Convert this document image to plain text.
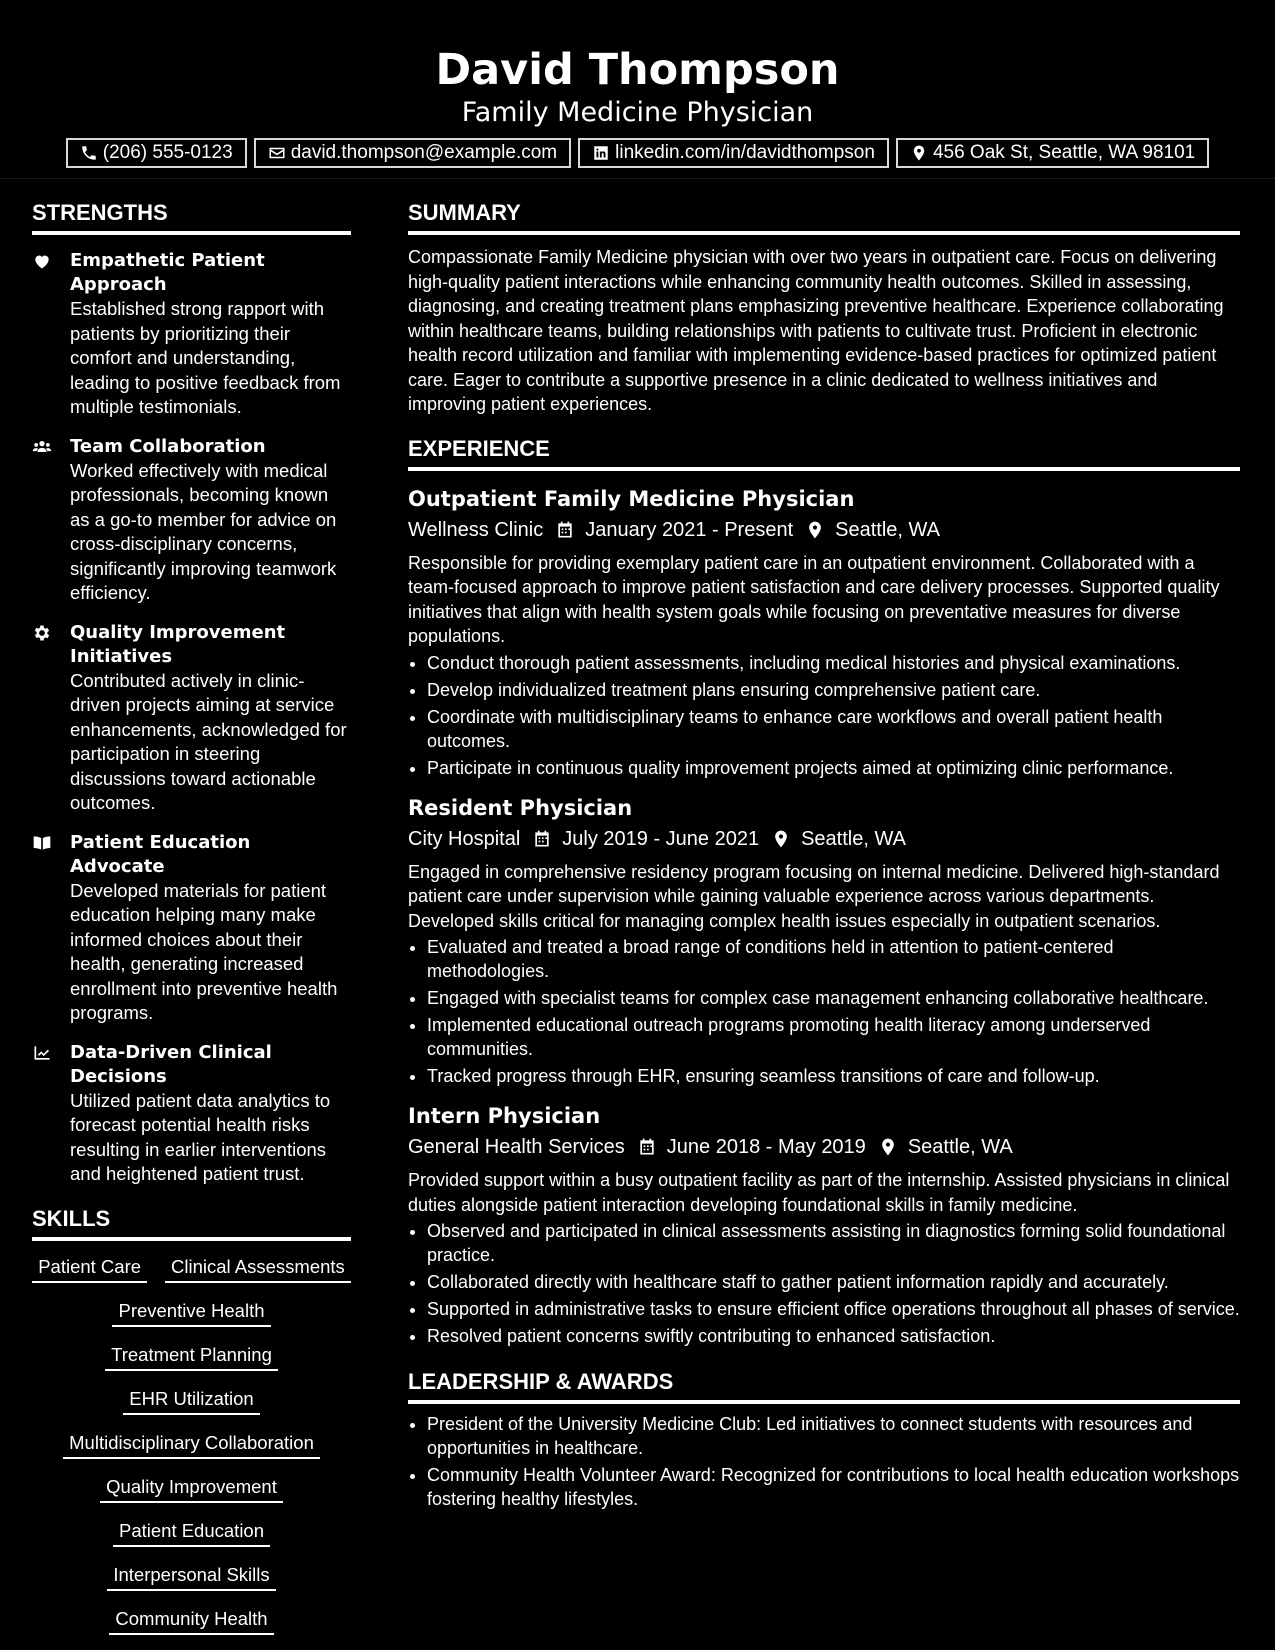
David Thompson
Family Medicine Physician
(206) 555-0123	david.thompson@example.com	linkedin.com/in/davidthompson	456 Oak St, Seattle, WA 98101
STRENGTHS
Empathetic Patient Approach
Established strong rapport with patients by prioritizing their comfort and understanding, leading to positive feedback from multiple testimonials.
Team Collaboration
Worked effectively with medical professionals, becoming known as a go-to member for advice on cross-disciplinary concerns, significantly improving teamwork efficiency.
Quality Improvement Initiatives
Contributed actively in clinic-driven projects aiming at service enhancements, acknowledged for participation in steering discussions toward actionable outcomes.
Patient Education Advocate
Developed materials for patient education helping many make informed choices about their health, generating increased enrollment into preventive health programs.
Data-Driven Clinical Decisions
Utilized patient data analytics to forecast potential health risks resulting in earlier interventions and heightened patient trust.
SKILLS
Patient Care	Clinical Assessments
Preventive Health
Treatment Planning
EHR Utilization
Multidisciplinary Collaboration
Quality Improvement
Patient Education
Interpersonal Skills
Community Health
SUMMARY

Compassionate Family Medicine physician with over two years in outpatient care. Focus on delivering high-quality patient interactions while enhancing community health outcomes. Skilled in assessing, diagnosing, and creating treatment plans emphasizing preventive healthcare. Experience collaborating within healthcare teams, building relationships with patients to cultivate trust. Proficient in electronic health record utilization and familiar with implementing evidence-based practices for optimized patient care. Eager to contribute a supportive presence in a clinic dedicated to wellness initiatives and improving patient experiences.

EXPERIENCE
Outpatient Family Medicine Physician
Wellness Clinic January 2021 - Present Seattle, WA
Responsible for providing exemplary patient care in an outpatient environment. Collaborated with a team-focused approach to improve patient satisfaction and care delivery processes. Supported quality initiatives that align with health system goals while focusing on preventative measures for diverse populations.
• Conduct thorough patient assessments, including medical histories and physical examinations.
• Develop individualized treatment plans ensuring comprehensive patient care.
• Coordinate with multidisciplinary teams to enhance care workflows and overall patient health outcomes.
• Participate in continuous quality improvement projects aimed at optimizing clinic performance.
Resident Physician
City Hospital July 2019 - June 2021 Seattle, WA
Engaged in comprehensive residency program focusing on internal medicine. Delivered high-standard patient care under supervision while gaining valuable experience across various departments. Developed skills critical for managing complex health issues especially in outpatient scenarios.
• Evaluated and treated a broad range of conditions held in attention to patient-centered methodologies.
• Engaged with specialist teams for complex case management enhancing collaborative healthcare.
• Implemented educational outreach programs promoting health literacy among underserved communities.
• Tracked progress through EHR, ensuring seamless transitions of care and follow-up.
Intern Physician
General Health Services June 2018 - May 2019 Seattle, WA
Provided support within a busy outpatient facility as part of the internship. Assisted physicians in clinical duties alongside patient interaction developing foundational skills in family medicine.
• Observed and participated in clinical assessments assisting in diagnostics forming solid foundational practice.
• Collaborated directly with healthcare staff to gather patient information rapidly and accurately.
• Supported in administrative tasks to ensure efficient office operations throughout all phases of service.
• Resolved patient concerns swiftly contributing to enhanced satisfaction.
LEADERSHIP & AWARDS
• President of the University Medicine Club: Led initiatives to connect students with resources and opportunities in healthcare.
• Community Health Volunteer Award: Recognized for contributions to local health education workshops fostering healthy lifestyles.
